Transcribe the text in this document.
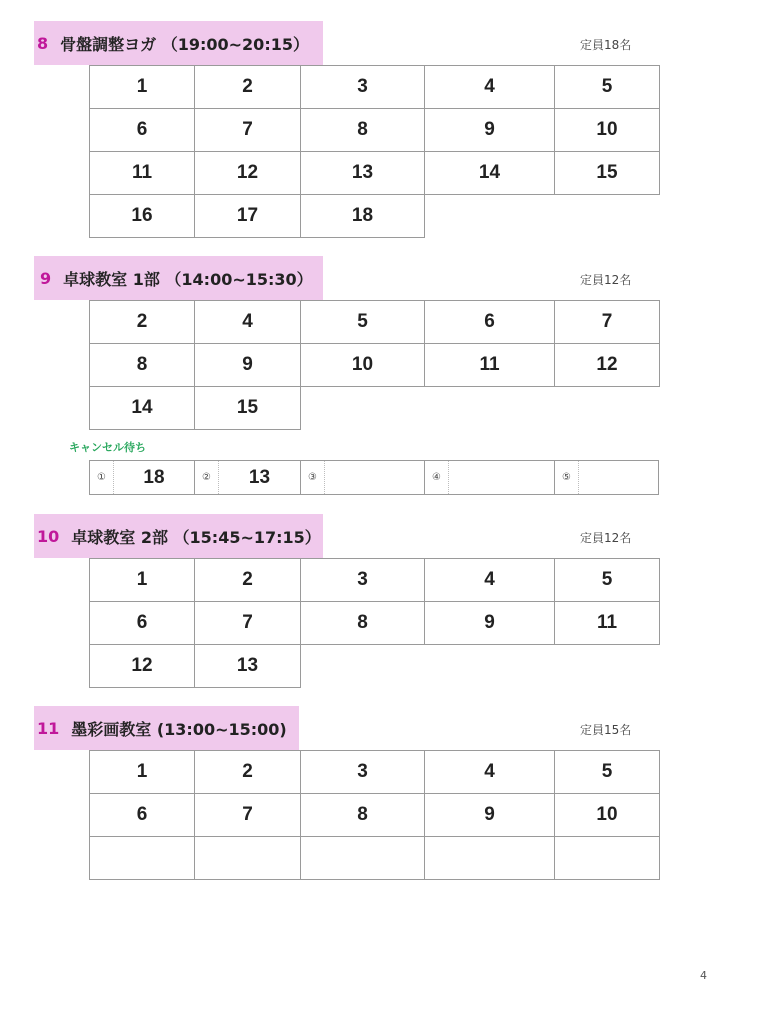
8 骨盤調整ヨガ （19:00~20:15）	定員18名
1	2	3	4	5
6	7	8	9	10
11	12	13	14	15
16	17	18		
9 卓球教室 1部 （14:00~15:30）	定員12名
2	4	5	6	7
8	9	10	11	12
14	15			
キャンセル待ち
①	18	②	13	③	④	⑤
10 卓球教室 2部 （15:45~17:15）	定員12名
1	2	3	4	5
6	7	8	9	11
12	13			
11 墨彩画教室 (13:00~15:00)	定員15名
1	2	3	4	5
6	7	8	9	10

4
